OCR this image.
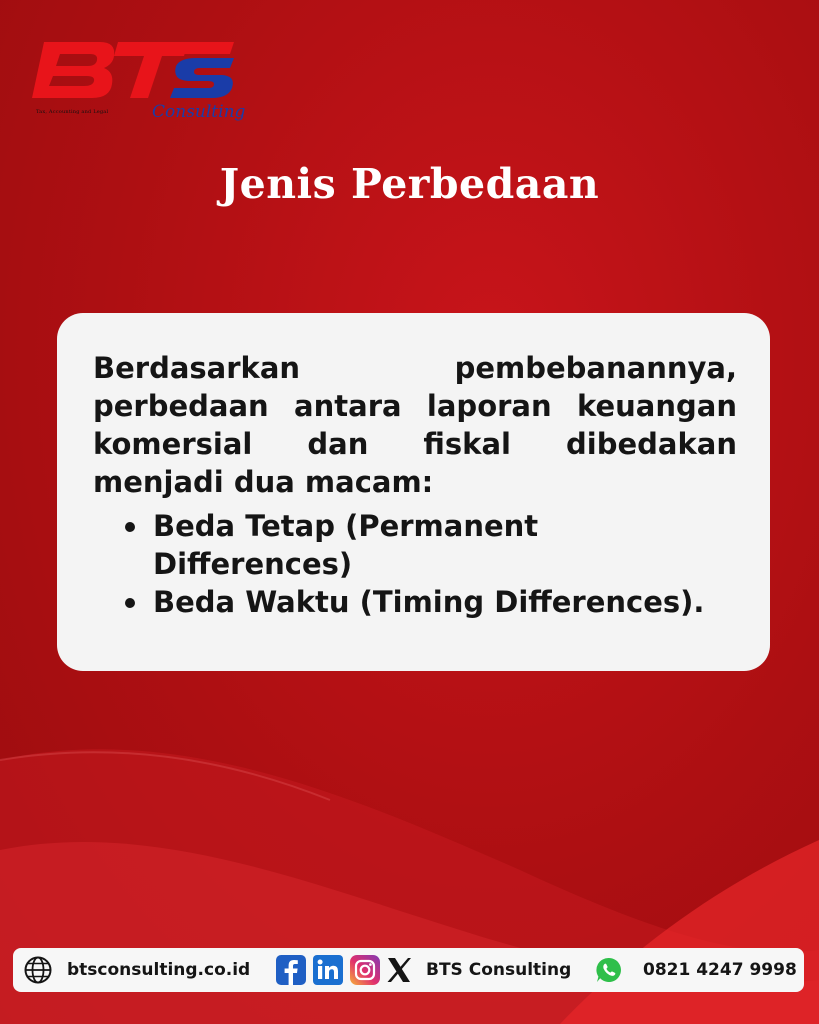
Tax, Accounting and Legal	Consulting
Jenis Perbedaan
Berdasarkan pembebanannya, perbedaan antara laporan keuangan komersial dan fiskal dibedakan menjadi dua macam:
Beda Tetap (Permanent Differences)
Beda Waktu (Timing Differences).
btsconsulting.co.id	BTS Consulting	0821 4247 9998
